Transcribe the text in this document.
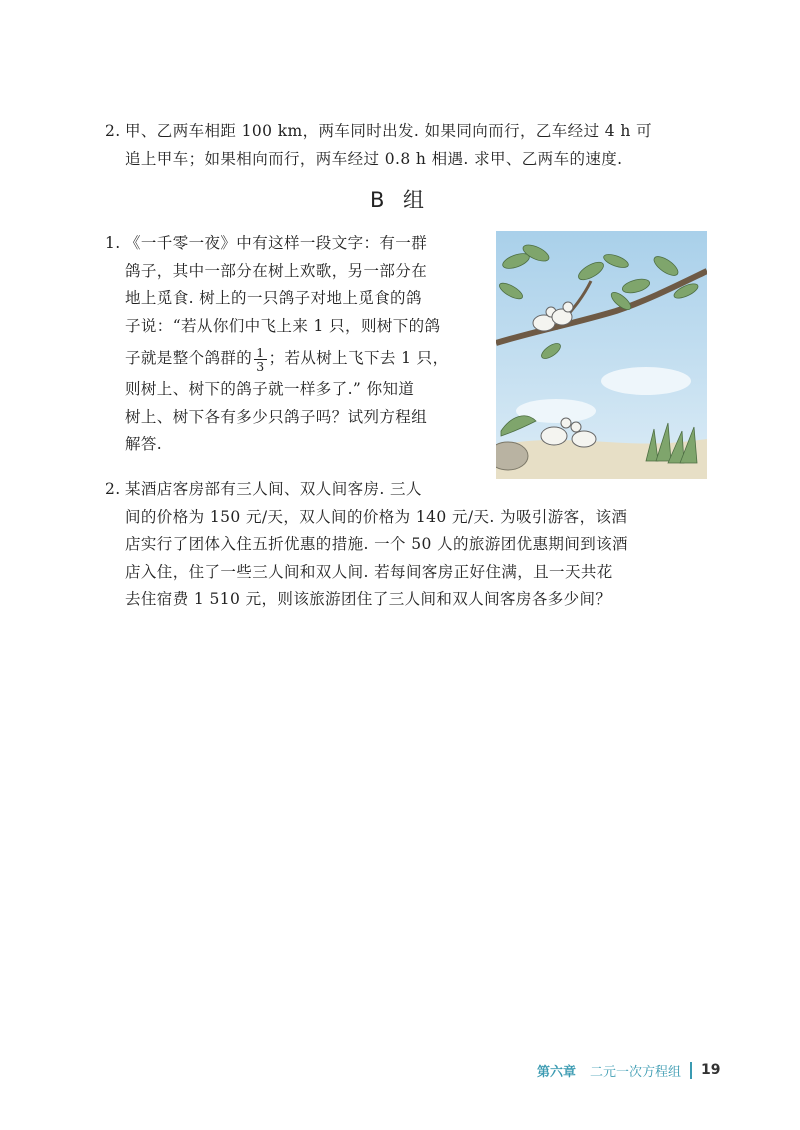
2. 甲、乙两车相距 100 km，两车同时出发. 如果同向而行，乙车经过 4 h 可
追上甲车；如果相向而行，两车经过 0.8 h 相遇. 求甲、乙两车的速度.
B 组
1. 《一千零一夜》中有这样一段文字：有一群
鸽子，其中一部分在树上欢歌，另一部分在
地上觅食. 树上的一只鸽子对地上觅食的鸽
子说：“若从你们中飞上来 1 只，则树下的鸽
子就是整个鸽群的 $\frac{1}{3}$ ；若从树上飞下去 1 只，
则树上、树下的鸽子就一样多了.” 你知道
树上、树下各有多少只鸽子吗？试列方程组
解答.
2. 某酒店客房部有三人间、双人间客房. 三人
间的价格为 150 元/天，双人间的价格为 140 元/天. 为吸引游客，该酒
店实行了团体入住五折优惠的措施. 一个 50 人的旅游团优惠期间到该酒
店入住，住了一些三人间和双人间. 若每间客房正好住满，且一天共花
去住宿费 1 510 元，则该旅游团住了三人间和双人间客房各多少间？
第六章 二元一次方程组 19
